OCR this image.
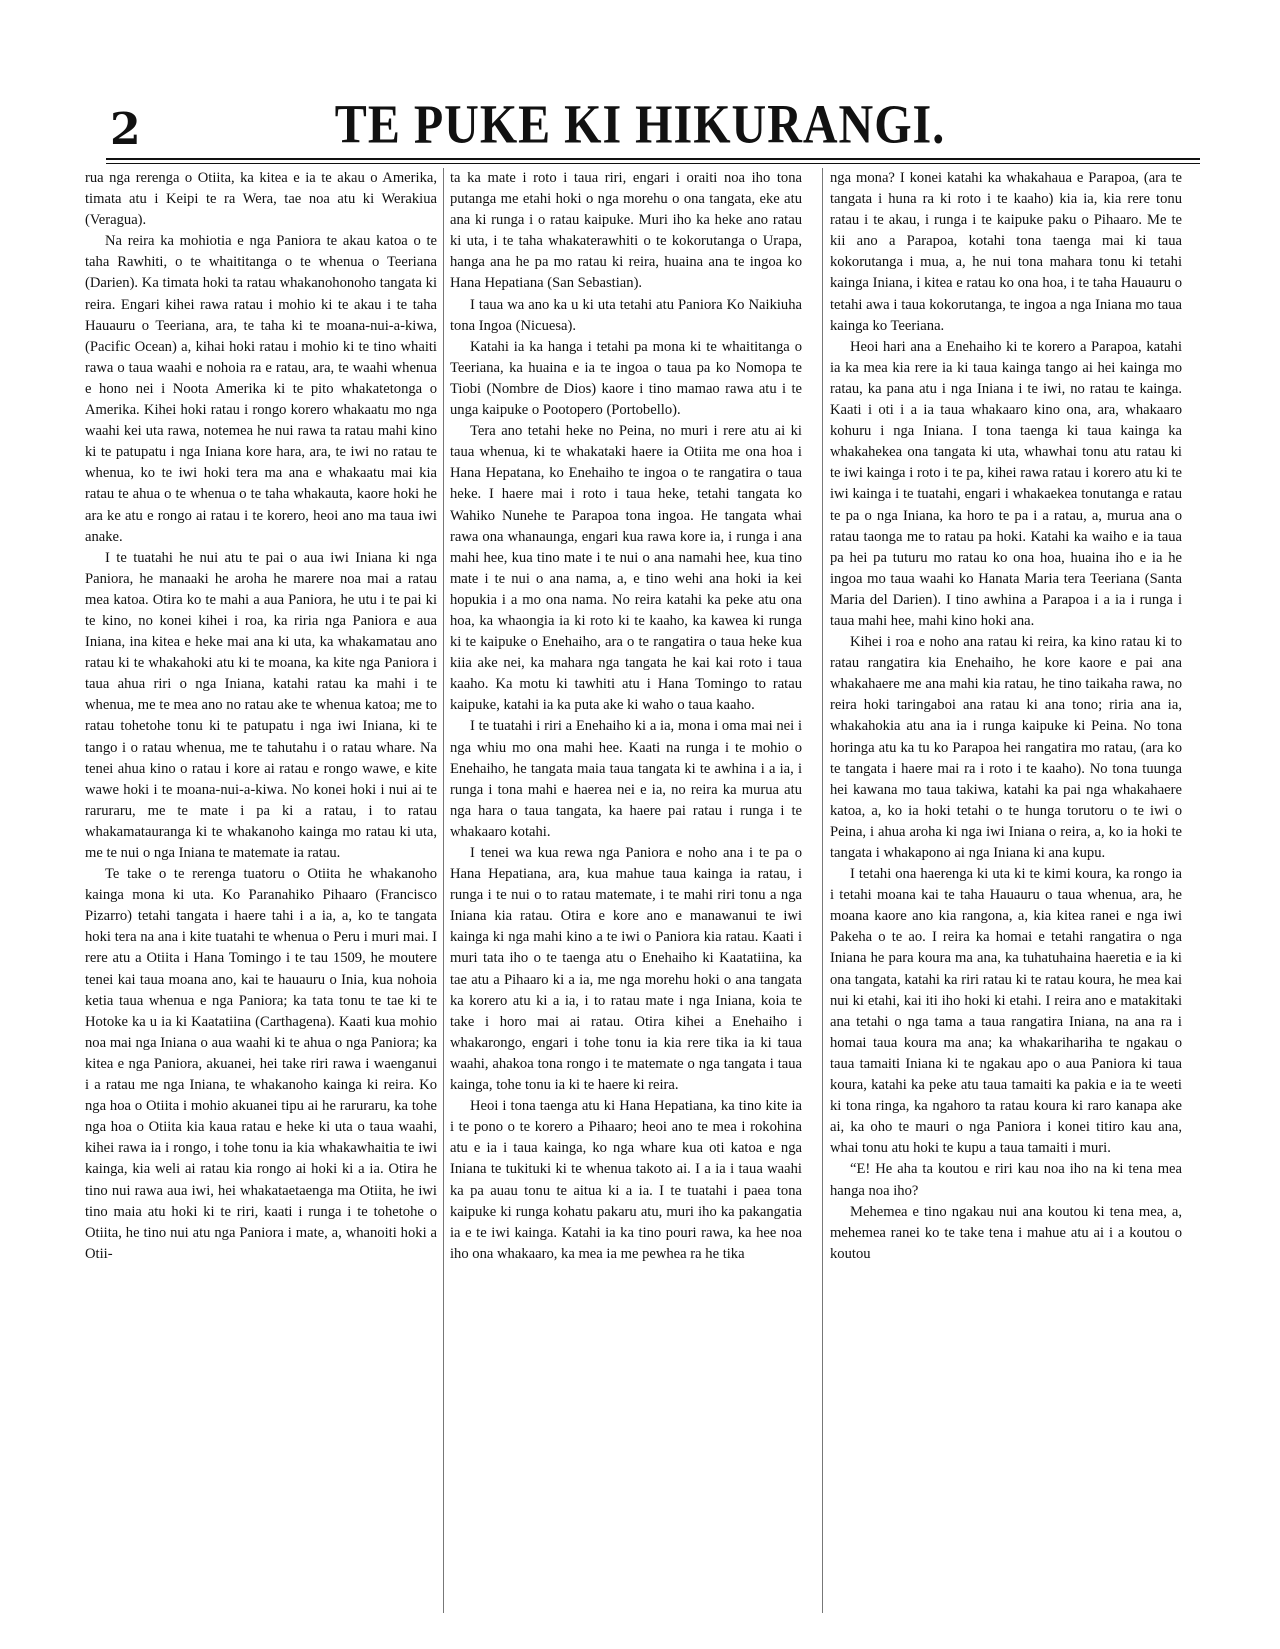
2	TE PUKE KI HIKURANGI.

rua nga rerenga o Otiita, ka kitea e ia te akau o Amerika, timata atu i Keipi te ra Wera, tae noa atu ki Werakiua (Veragua).

Na reira ka mohiotia e nga Paniora te akau katoa o te taha Rawhiti, o te whaititanga o te whenua o Teeriana (Darien). Ka timata hoki ta ratau whakanohonoho tangata ki reira. Engari kihei rawa ratau i mohio ki te akau i te taha Hauauru o Teeriana, ara, te taha ki te moana-nui-a-kiwa, (Pacific Ocean) a, kihai hoki ratau i mohio ki te tino whaiti rawa o taua waahi e nohoia ra e ratau, ara, te waahi whenua e hono nei i Noota Amerika ki te pito whakatetonga o Amerika. Kihei hoki ratau i rongo korero whakaatu mo nga waahi kei uta rawa, notemea he nui rawa ta ratau mahi kino ki te patupatu i nga Iniana kore hara, ara, te iwi no ratau te whenua, ko te iwi hoki tera ma ana e whakaatu mai kia ratau te ahua o te whenua o te taha whakauta, kaore hoki he ara ke atu e rongo ai ratau i te korero, heoi ano ma taua iwi anake.

I te tuatahi he nui atu te pai o aua iwi Iniana ki nga Paniora, he manaaki he aroha he marere noa mai a ratau mea katoa. Otira ko te mahi a aua Paniora, he utu i te pai ki te kino, no konei kihei i roa, ka riria nga Paniora e aua Iniana, ina kitea e heke mai ana ki uta, ka whakamatau ano ratau ki te whakahoki atu ki te moana, ka kite nga Paniora i taua ahua riri o nga Iniana, katahi ratau ka mahi i te whenua, me te mea ano no ratau ake te whenua katoa; me to ratau tohetohe tonu ki te patupatu i nga iwi Iniana, ki te tango i o ratau whenua, me te tahutahu i o ratau whare. Na tenei ahua kino o ratau i kore ai ratau e rongo wawe, e kite wawe hoki i te moana-nui-a-kiwa. No konei hoki i nui ai te raruraru, me te mate i pa ki a ratau, i to ratau whakamatauranga ki te whakanoho kainga mo ratau ki uta, me te nui o nga Iniana te matemate ia ratau.

Te take o te rerenga tuatoru o Otiita he whakanoho kainga mona ki uta. Ko Paranahiko Pihaaro (Francisco Pizarro) tetahi tangata i haere tahi i a ia, a, ko te tangata hoki tera na ana i kite tuatahi te whenua o Peru i muri mai. I rere atu a Otiita i Hana Tomingo i te tau 1509, he moutere tenei kai taua moana ano, kai te hauauru o Inia, kua nohoia ketia taua whenua e nga Paniora; ka tata tonu te tae ki te Hotoke ka u ia ki Kaatatiina (Carthagena). Kaati kua mohio noa mai nga Iniana o aua waahi ki te ahua o nga Paniora; ka kitea e nga Paniora, akuanei, hei take riri rawa i waenganui i a ratau me nga Iniana, te whakanoho kainga ki reira. Ko nga hoa o Otiita i mohio akuanei tipu ai he raruraru, ka tohe nga hoa o Otiita kia kaua ratau e heke ki uta o taua waahi, kihei rawa ia i rongo, i tohe tonu ia kia whakawhaitia te iwi kainga, kia weli ai ratau kia rongo ai hoki ki a ia. Otira he tino nui rawa aua iwi, hei whakataetaenga ma Otiita, he iwi tino maia atu hoki ki te riri, kaati i runga i te tohetohe o Otiita, he tino nui atu nga Paniora i mate, a, whanoiti hoki a Otii-

ta ka mate i roto i taua riri, engari i oraiti noa iho tona putanga me etahi hoki o nga morehu o ona tangata, eke atu ana ki runga i o ratau kaipuke. Muri iho ka heke ano ratau ki uta, i te taha whakaterawhiti o te kokorutanga o Urapa, hanga ana he pa mo ratau ki reira, huaina ana te ingoa ko Hana Hepatiana (San Sebastian).

I taua wa ano ka u ki uta tetahi atu Paniora Ko Naikiuha tona Ingoa (Nicuesa).

Katahi ia ka hanga i tetahi pa mona ki te whaititanga o Teeriana, ka huaina e ia te ingoa o taua pa ko Nomopa te Tiobi (Nombre de Dios) kaore i tino mamao rawa atu i te unga kaipuke o Pootopero (Portobello).

Tera ano tetahi heke no Peina, no muri i rere atu ai ki taua whenua, ki te whakataki haere ia Otiita me ona hoa i Hana Hepatana, ko Enehaiho te ingoa o te rangatira o taua heke. I haere mai i roto i taua heke, tetahi tangata ko Wahiko Nunehe te Parapoa tona ingoa. He tangata whai rawa ona whanaunga, engari kua rawa kore ia, i runga i ana mahi hee, kua tino mate i te nui o ana namahi hee, kua tino mate i te nui o ana nama, a, e tino wehi ana hoki ia kei hopukia i a mo ona nama. No reira katahi ka peke atu ona hoa, ka whaongia ia ki roto ki te kaaho, ka kawea ki runga ki te kaipuke o Enehaiho, ara o te rangatira o taua heke kua kiia ake nei, ka mahara nga tangata he kai kai roto i taua kaaho. Ka motu ki tawhiti atu i Hana Tomingo to ratau kaipuke, katahi ia ka puta ake ki waho o taua kaaho.

I te tuatahi i riri a Enehaiho ki a ia, mona i oma mai nei i nga whiu mo ona mahi hee. Kaati na runga i te mohio o Enehaiho, he tangata maia taua tangata ki te awhina i a ia, i runga i tona mahi e haerea nei e ia, no reira ka murua atu nga hara o taua tangata, ka haere pai ratau i runga i te whakaaro kotahi.

I tenei wa kua rewa nga Paniora e noho ana i te pa o Hana Hepatiana, ara, kua mahue taua kainga ia ratau, i runga i te nui o to ratau matemate, i te mahi riri tonu a nga Iniana kia ratau. Otira e kore ano e manawanui te iwi kainga ki nga mahi kino a te iwi o Paniora kia ratau. Kaati i muri tata iho o te taenga atu o Enehaiho ki Kaatatiina, ka tae atu a Pihaaro ki a ia, me nga morehu hoki o ana tangata ka korero atu ki a ia, i to ratau mate i nga Iniana, koia te take i horo mai ai ratau. Otira kihei a Enehaiho i whakarongo, engari i tohe tonu ia kia rere tika ia ki taua waahi, ahakoa tona rongo i te matemate o nga tangata i taua kainga, tohe tonu ia ki te haere ki reira.

Heoi i tona taenga atu ki Hana Hepatiana, ka tino kite ia i te pono o te korero a Pihaaro; heoi ano te mea i rokohina atu e ia i taua kainga, ko nga whare kua oti katoa e nga Iniana te tukituki ki te whenua takoto ai. I a ia i taua waahi ka pa auau tonu te aitua ki a ia. I te tuatahi i paea tona kaipuke ki runga kohatu pakaru atu, muri iho ka pakangatia ia e te iwi kainga. Katahi ia ka tino pouri rawa, ka hee noa iho ona whakaaro, ka mea ia me pewhea ra he tika

nga mona? I konei katahi ka whakahaua e Parapoa, (ara te tangata i huna ra ki roto i te kaaho) kia ia, kia rere tonu ratau i te akau, i runga i te kaipuke paku o Pihaaro. Me te kii ano a Parapoa, kotahi tona taenga mai ki taua kokorutanga i mua, a, he nui tona mahara tonu ki tetahi kainga Iniana, i kitea e ratau ko ona hoa, i te taha Hauauru o tetahi awa i taua kokorutanga, te ingoa a nga Iniana mo taua kainga ko Teeriana.

Heoi hari ana a Enehaiho ki te korero a Parapoa, katahi ia ka mea kia rere ia ki taua kainga tango ai hei kainga mo ratau, ka pana atu i nga Iniana i te iwi, no ratau te kainga. Kaati i oti i a ia taua whakaaro kino ona, ara, whakaaro kohuru i nga Iniana. I tona taenga ki taua kainga ka whakahekea ona tangata ki uta, whawhai tonu atu ratau ki te iwi kainga i roto i te pa, kihei rawa ratau i korero atu ki te iwi kainga i te tuatahi, engari i whakaekea tonutanga e ratau te pa o nga Iniana, ka horo te pa i a ratau, a, murua ana o ratau taonga me to ratau pa hoki. Katahi ka waiho e ia taua pa hei pa tuturu mo ratau ko ona hoa, huaina iho e ia he ingoa mo taua waahi ko Hanata Maria tera Teeriana (Santa Maria del Darien). I tino awhina a Parapoa i a ia i runga i taua mahi hee, mahi kino hoki ana.

Kihei i roa e noho ana ratau ki reira, ka kino ratau ki to ratau rangatira kia Enehaiho, he kore kaore e pai ana whakahaere me ana mahi kia ratau, he tino taikaha rawa, no reira hoki taringaboi ana ratau ki ana tono; riria ana ia, whakahokia atu ana ia i runga kaipuke ki Peina. No tona horinga atu ka tu ko Parapoa hei rangatira mo ratau, (ara ko te tangata i haere mai ra i roto i te kaaho). No tona tuunga hei kawana mo taua takiwa, katahi ka pai nga whakahaere katoa, a, ko ia hoki tetahi o te hunga torutoru o te iwi o Peina, i ahua aroha ki nga iwi Iniana o reira, a, ko ia hoki te tangata i whakapono ai nga Iniana ki ana kupu.

I tetahi ona haerenga ki uta ki te kimi koura, ka rongo ia i tetahi moana kai te taha Hauauru o taua whenua, ara, he moana kaore ano kia rangona, a, kia kitea ranei e nga iwi Pakeha o te ao. I reira ka homai e tetahi rangatira o nga Iniana he para koura ma ana, ka tuhatuhaina haeretia e ia ki ona tangata, katahi ka riri ratau ki te ratau koura, he mea kai nui ki etahi, kai iti iho hoki ki etahi. I reira ano e matakitaki ana tetahi o nga tama a taua rangatira Iniana, na ana ra i homai taua koura ma ana; ka whakarihariha te ngakau o taua tamaiti Iniana ki te ngakau apo o aua Paniora ki taua koura, katahi ka peke atu taua tamaiti ka pakia e ia te weeti ki tona ringa, ka ngahoro ta ratau koura ki raro kanapa ake ai, ka oho te mauri o nga Paniora i konei titiro kau ana, whai tonu atu hoki te kupu a taua tamaiti i muri.

“E! He aha ta koutou e riri kau noa iho na ki tena mea hanga noa iho?

Mehemea e tino ngakau nui ana koutou ki tena mea, a, mehemea ranei ko te take tena i mahue atu ai i a koutou o koutou
